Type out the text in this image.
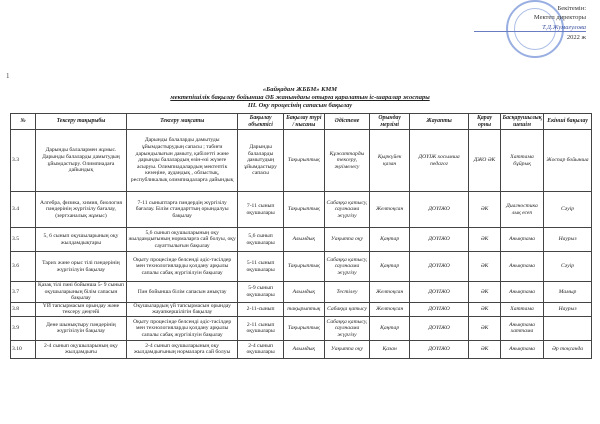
Бекітемін:
Мектеп директоры
Т.Д.Жумағулова
2022 ж
1
«Байқадам ЖББМ» КММ
мектепішілік бақылау бойынша ӘБ жанындағы отырға қаралатын іс-шаралар жоспары
ІІІ. Оқу процесінің сапасын бақылау
№	Тексеру тақырыбы	Тексеру мақсаты	Бақылау объектісі	Бақылау түрі / нысаны	Әдістеме	Орындау мерзімі	Жауапты	Қарау орны	Басқарушылық шешім	Екінші бақылау
3.3	Дарынды балалармен жұмыс. Дарынды балаларды дамытудың ұйымдастыру. Олимпиадаға дайындық	Дарынды балаларды дамытуды ұйымдастырудың сапасы ; табиғи дарындылығын дамыту, қабілетті және дарынды балалардың өзін-өзі жүзеге асыруы. Олимпиадалардың мектептік кезеңіне, аудандық , облыстық, республикалық олимпиадаларға дайындық	Дарынды балаларды дамытудың ұйымдастыру сапасы	Тақырыптық	Құжаттарды тексеру, әңгімелесу	Қыркүйек қазан	ДОҮІЖ хосымша педагог	ДЖО ӘК	Хаттама бұйрық	Жоспар бойынша
3.4	Алгебра, физика, химия, биология пәндерінің жүргізілу бағалау, (зертханалық жұмыс)	7-11 сыныптарға пәндердің жүргізілу бағалау. Білім стандарттың орындалуы бақылау	7-11 сынып оқушылары	Тақырыптық	Сабаққа қатысу, саулнаама жүргізу	Желтоқсан	ДОҮІЖО	ӘК	Диагностика лық есеп	Сәуір
3.5	5, 6 сынып оқушыларының оқу жылдамдықтары	5,6 сынып оқушыларының оқу жылдамдығының нормаларға сай болуы, оқу сауаттылығын бақылау	5,6 сынып оқушылары	Алымдық	Уақытпа оқу	Қаңтар	ДОҮІЖО	ӘК	Анықтама	Наурыз
3.6	Тарих және орыс тілі пәндерінің жүргізілуін бақылау	Оқыту процесінде белсенді әдіс-тәсілдер мен технологияларды қолдану арқылы сапалы сабақ жүргізілуін бақылау	5-11 сынып оқушылары	Тақырыптық	Сабаққа қатысу, саулнаама жүргізу	Қаңтар	ДОҮІЖО	ӘК	Анықтама	Сәуір
3.7	Қазақ тілі пәні бойынша 5- 9 сынып оқушыларының білім сапасын бақылау	Пән бойынша білім сапасын анықтау	5-9 сынып оқушылары	Алымдық	Тестілеу	Желтоқсан	ДОҮІЖО	ӘК	Анықтама	Мамыр
3.8	ҮЙ тапсырмасын орындау және тексеру деңгейі	Оқушылардың үй тапсырмасын орындау жауапкершілігін бақылау	2-11-сынып	тақырыптық	Сабаққа қатысу	Желтоқсан	ДОҮІЖО	ӘК	Хаттама	Наурыз
3.9	Дене шынықтыру пәндерінің жүргізілуін бақылау	Оқыту процесінде белсенді әдіс-тәсілдер мен технологияларды қолдану арқылы сапалы сабақ жүргізілуін бақылау	2-11 сынып оқушылары	Тақырыптық	Сабаққа қатысу, саулнаама жүргізу	Қаңтар	ДОҮІЖО	ӘК	Анықтама хаттама	
3.10	2-4 сынып оқушыларының оқу жылдамдығы	2-4 сынып оқушыларының оқу жылдамдығының нормаларға сай болуы	2-4 сынып оқушылары	Алымдық	Уақытпа оқу	Қазан	ДОҮІЖО	ӘК	Анықтама	Әр тоқсанда
